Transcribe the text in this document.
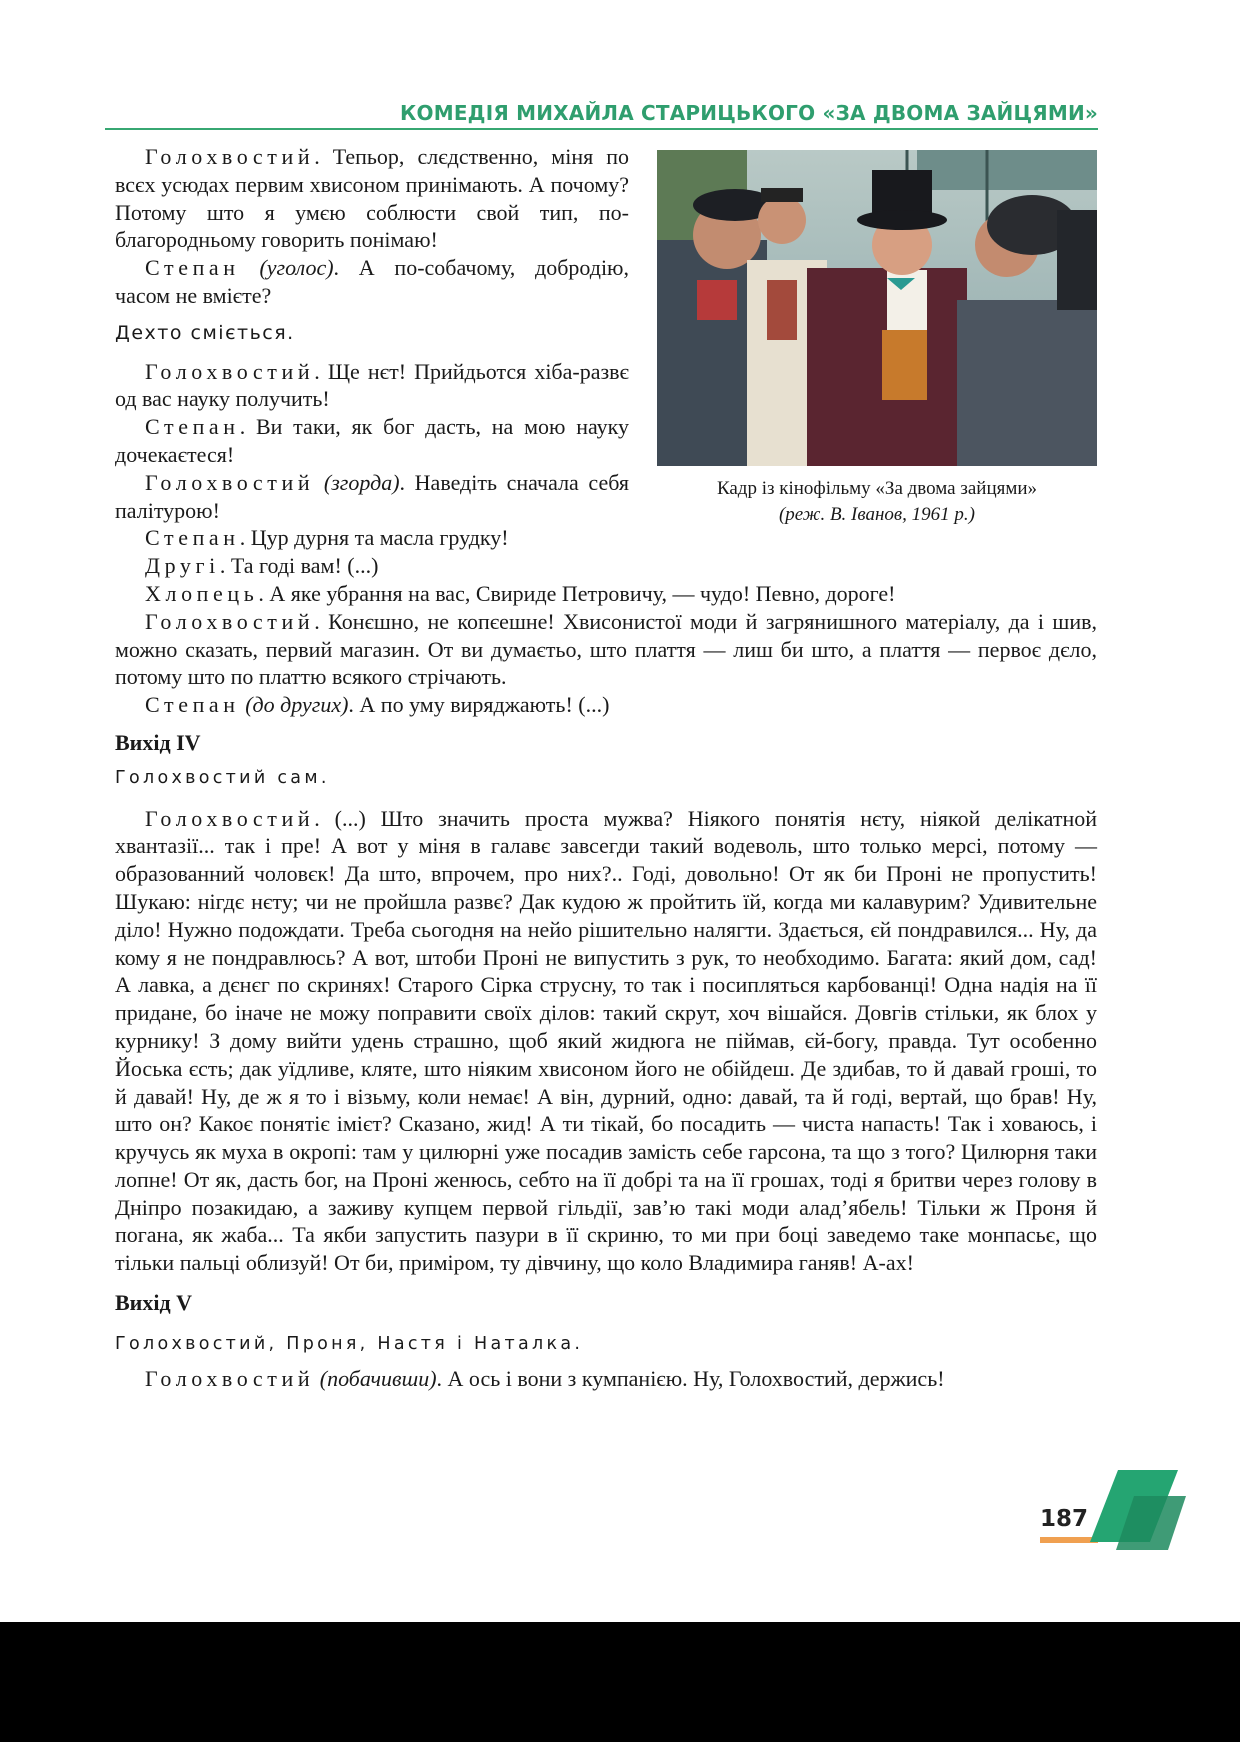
КОМЕДІЯ МИХАЙЛА СТАРИЦЬКОГО «ЗА ДВОМА ЗАЙЦЯМИ»
Кадр із кінофільму «За двома зайцями»
(реж. В. Іванов, 1961 р.)

Голохвостий. Тепьор, слєдственно, міня по всєх усюдах первим хвисоном принімають. А почому? Потому што я умєю соблюсти свой тип, по-благородньому говорить понімаю!

Степан (уголос). А по-собачому, добродію, часом не вмієте?

Дехто сміється.

Голохвостий. Ще нєт! Прийдьотся хіба-развє од вас науку получить!

Степан. Ви таки, як бог дасть, на мою науку дочекаєтеся!

Голохвостий (згорда). Наведіть сначала себя палітурою!

Степан. Цур дурня та масла грудку!

Другі. Та годі вам! (...)

Хлопець. А яке убрання на вас, Свириде Петровичу, — чудо! Певно, дороге!

Голохвостий. Конєшно, не копєешне! Хвисонистої моди й загрянишного матеріалу, да і шив, можно сказать, первий магазин. От ви думаєтьо, што плаття — лиш би што, а плаття — первоє дєло, потому што по платтю всякого стрічають.

Степан (до других). А по уму виряджають! (...)

Вихід IV

Голохвостий сам.

Голохвостий. (...) Што значить проста мужва? Ніякого понятія нєту, ніякой делікатной хвантазії... так і пре! А вот у міня в галавє завсегди такий водеволь, што только мерсі, потому — образованний чоловєк! Да што, впрочем, про них?.. Годі, довольно! От як би Проні не пропустить! Шукаю: нігдє нєту; чи не пройшла развє? Дак кудою ж пройтить їй, когда ми калавурим? Удивительне діло! Нужно подождати. Треба сьогодня на нейо рішительно налягти. Здається, єй пондравился... Ну, да кому я не пондравлюсь? А вот, штоби Проні не випустить з рук, то необходимо. Багата: який дом, сад! А лавка, а дєнєг по скринях! Старого Сірка струсну, то так і посипляться карбованці! Одна надія на її придане, бо іначе не можу поправити своїх ділов: такий скрут, хоч вішайся. Довгів стільки, як блох у курнику! З дому вийти удень страшно, щоб який жидюга не піймав, єй-богу, правда. Тут особенно Йоська єсть; дак уїдливе, кляте, што ніяким хвисоном його не обійдеш. Де здибав, то й давай гроші, то й давай! Ну, де ж я то і візьму, коли немає! А він, дурний, одно: давай, та й годі, вертай, що брав! Ну, што он? Какоє понятіє імієт? Сказано, жид! А ти тікай, бо посадить — чиста напасть! Так і ховаюсь, і кручусь як муха в окропі: там у цилюрні уже посадив замість себе гарсона, та що з того? Цилюрня таки лопне! От як, дасть бог, на Проні женюсь, себто на її добрі та на її грошах, тоді я бритви через голову в Дніпро позакидаю, а заживу купцем первой гільдії, зав’ю такі моди алад’ябель! Тільки ж Проня й погана, як жаба... Та якби запустить пазури в її скриню, то ми при боці заведемо таке монпасьє, що тільки пальці облизуй! От би, приміром, ту дівчину, що коло Владимира ганяв! А-ах!

Вихід V

Голохвостий, Проня, Настя і Наталка.

Голохвостий (побачивши). А ось і вони з кумпанією. Ну, Голохвостий, держись!

187
